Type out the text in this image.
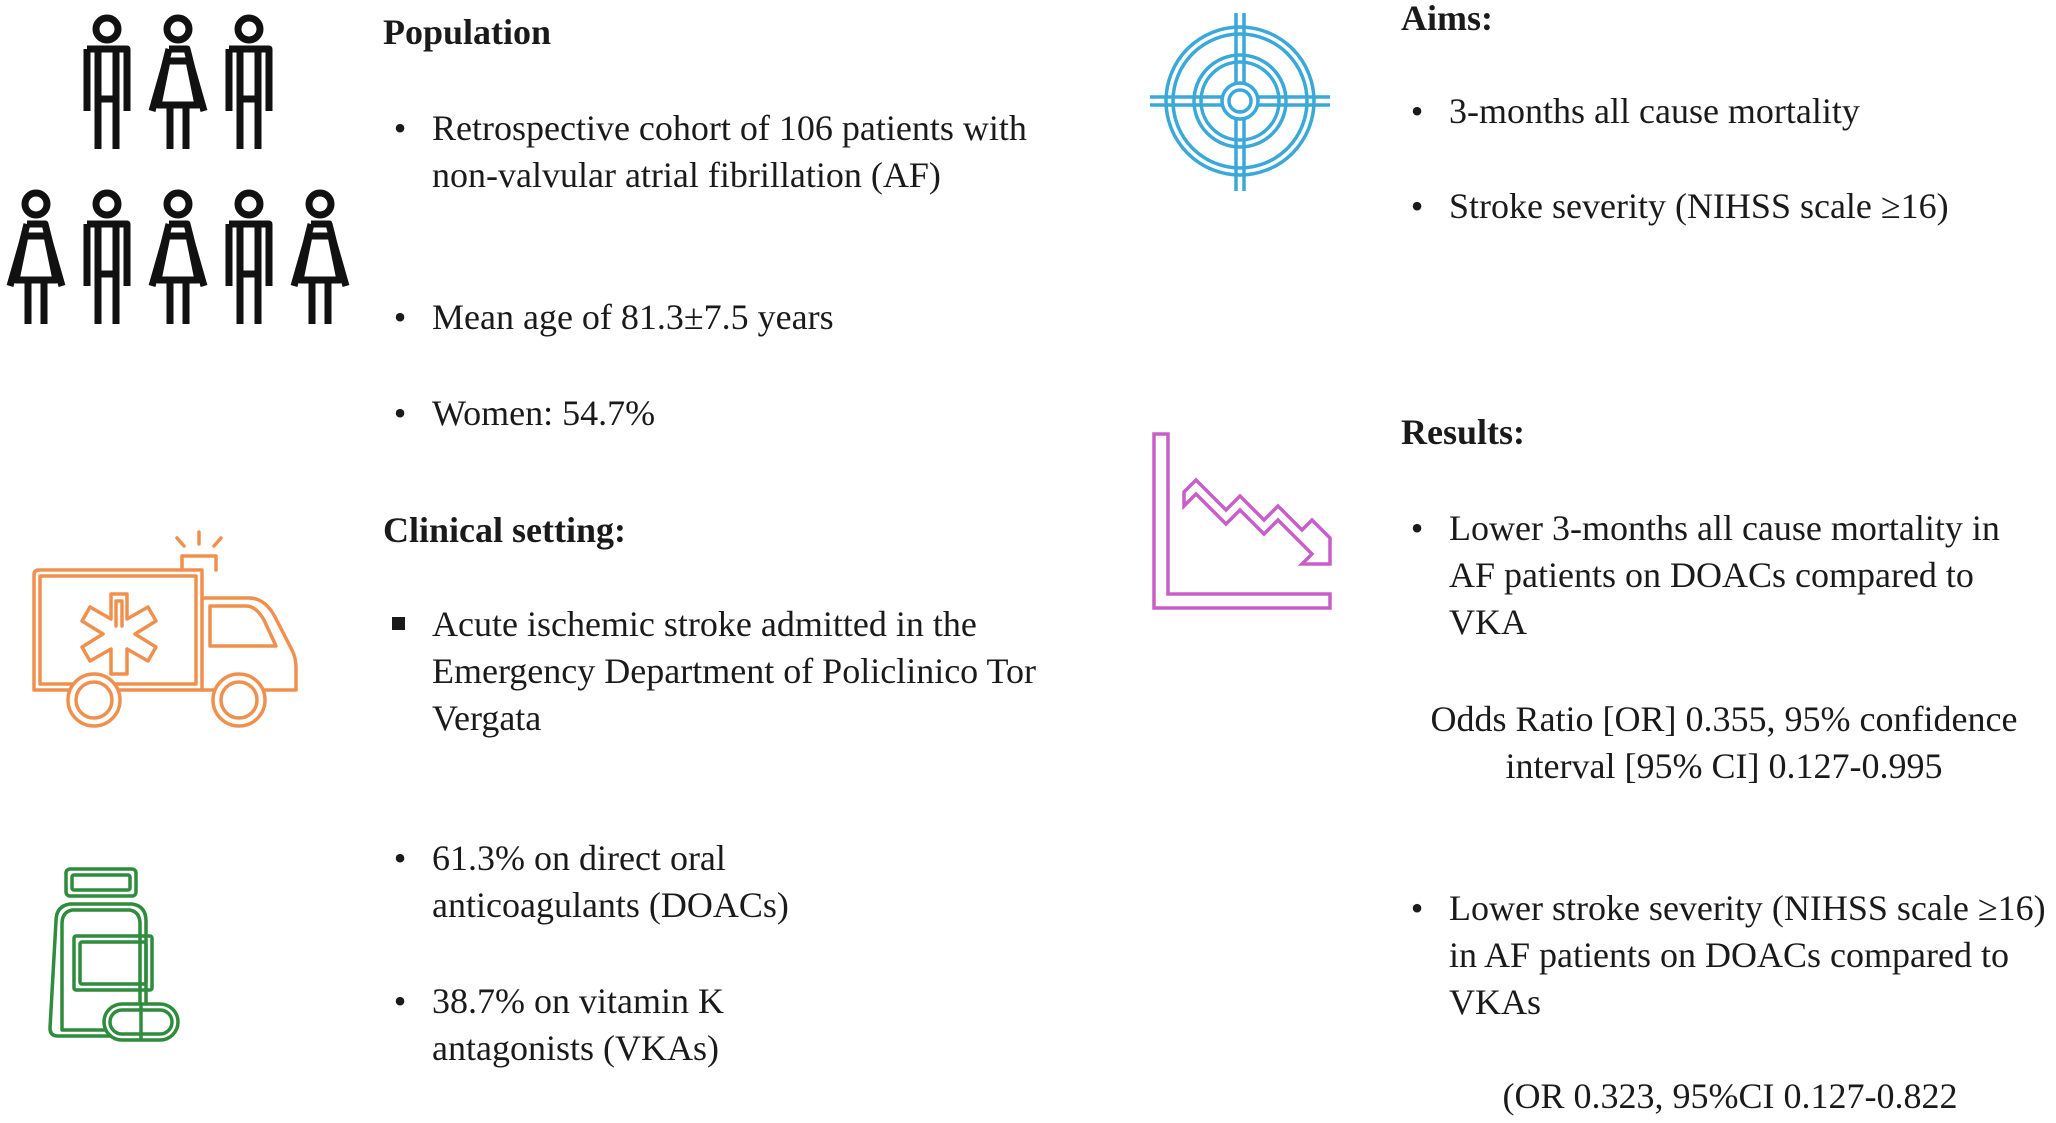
Population
• Retrospective cohort of 106 patients with non-valvular atrial fibrillation (AF)
• Mean age of 81.3±7.5 years
• Women: 54.7%
Clinical setting:
Acute ischemic stroke admitted in the Emergency Department of Policlinico Tor Vergata
• 61.3% on direct oral anticoagulants (DOACs)
• 38.7% on vitamin K antagonists (VKAs)
Aims:
• 3-months all cause mortality
• Stroke severity (NIHSS scale ≥16)
Results:
• Lower 3-months all cause mortality in AF patients on DOACs compared to VKA
Odds Ratio [OR] 0.355, 95% confidence interval [95% CI] 0.127-0.995
• Lower stroke severity (NIHSS scale ≥16) in AF patients on DOACs compared to VKAs
(OR 0.323, 95%CI 0.127-0.822
